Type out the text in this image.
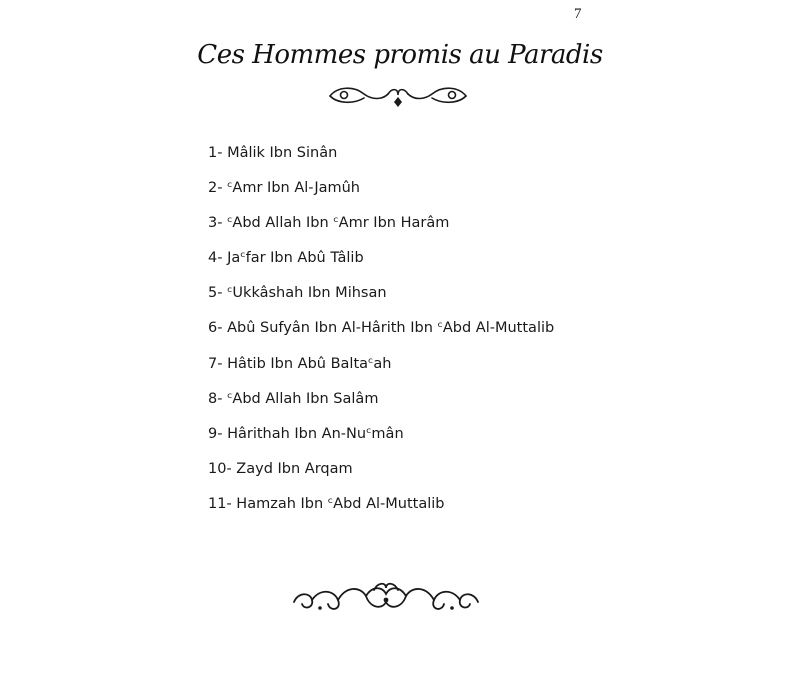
7
Ces Hommes promis au Paradis
1- Mâlik Ibn Sinân
2- ᶜAmr Ibn Al-Jamûh
3- ᶜAbd Allah Ibn ᶜAmr Ibn Harâm
4- Jaᶜfar Ibn Abû Tâlib
5- ᶜUkkâshah Ibn Mihsan
6- Abû Sufyân Ibn Al-Hârith Ibn ᶜAbd Al-Muttalib
7- Hâtib Ibn Abû Baltaᶜah
8- ᶜAbd Allah Ibn Salâm
9- Hârithah Ibn An-Nuᶜmân
10- Zayd Ibn Arqam
11- Hamzah Ibn ᶜAbd Al-Muttalib
